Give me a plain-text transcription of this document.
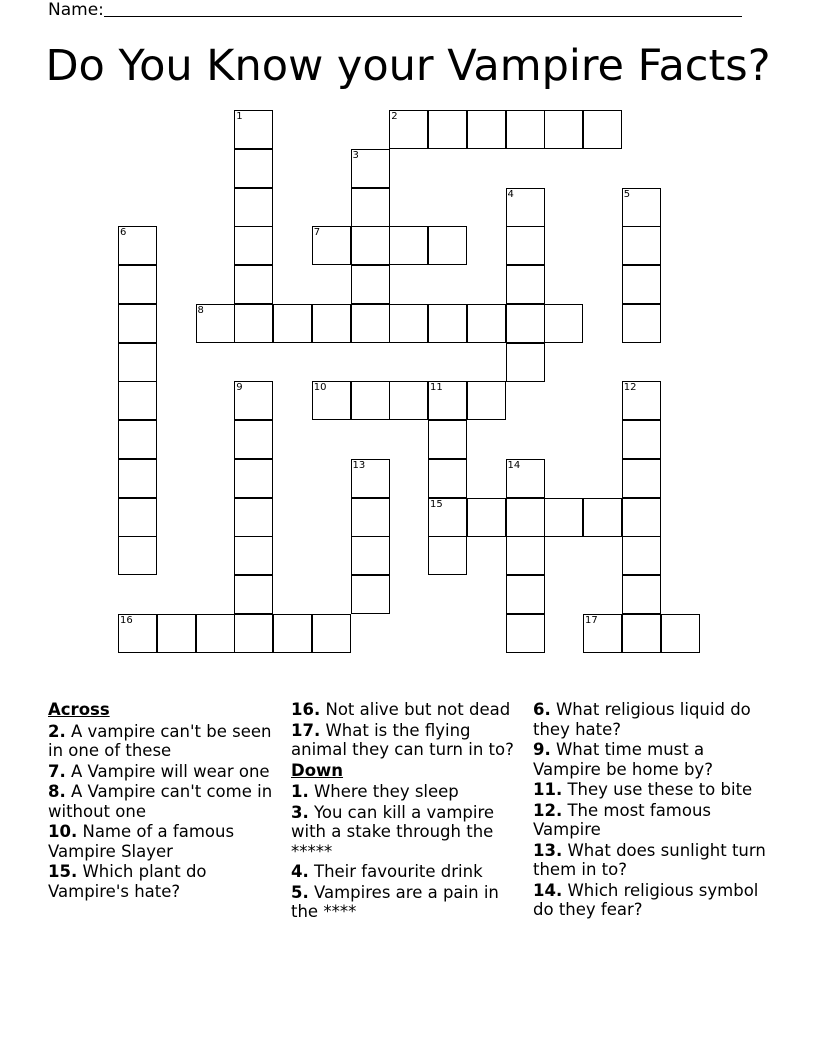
Name:
Do You Know your Vampire Facts?
1	2
3
4	5
6	7
8
9	10	11
15
12
13	14
16	17
Across
2. A vampire can't be seen in one of these
7. A Vampire will wear one
8. A Vampire can't come in without one
10. Name of a famous Vampire Slayer
15. Which plant do Vampire's hate?
16. Not alive but not dead
17. What is the flying animal they can turn in to?
Down
1. Where they sleep
3. You can kill a vampire with a stake through the *****
4. Their favourite drink
5. Vampires are a pain in the ****
6. What religious liquid do they hate?
9. What time must a Vampire be home by?
11. They use these to bite
12. The most famous Vampire
13. What does sunlight turn them in to?
14. Which religious symbol do they fear?
